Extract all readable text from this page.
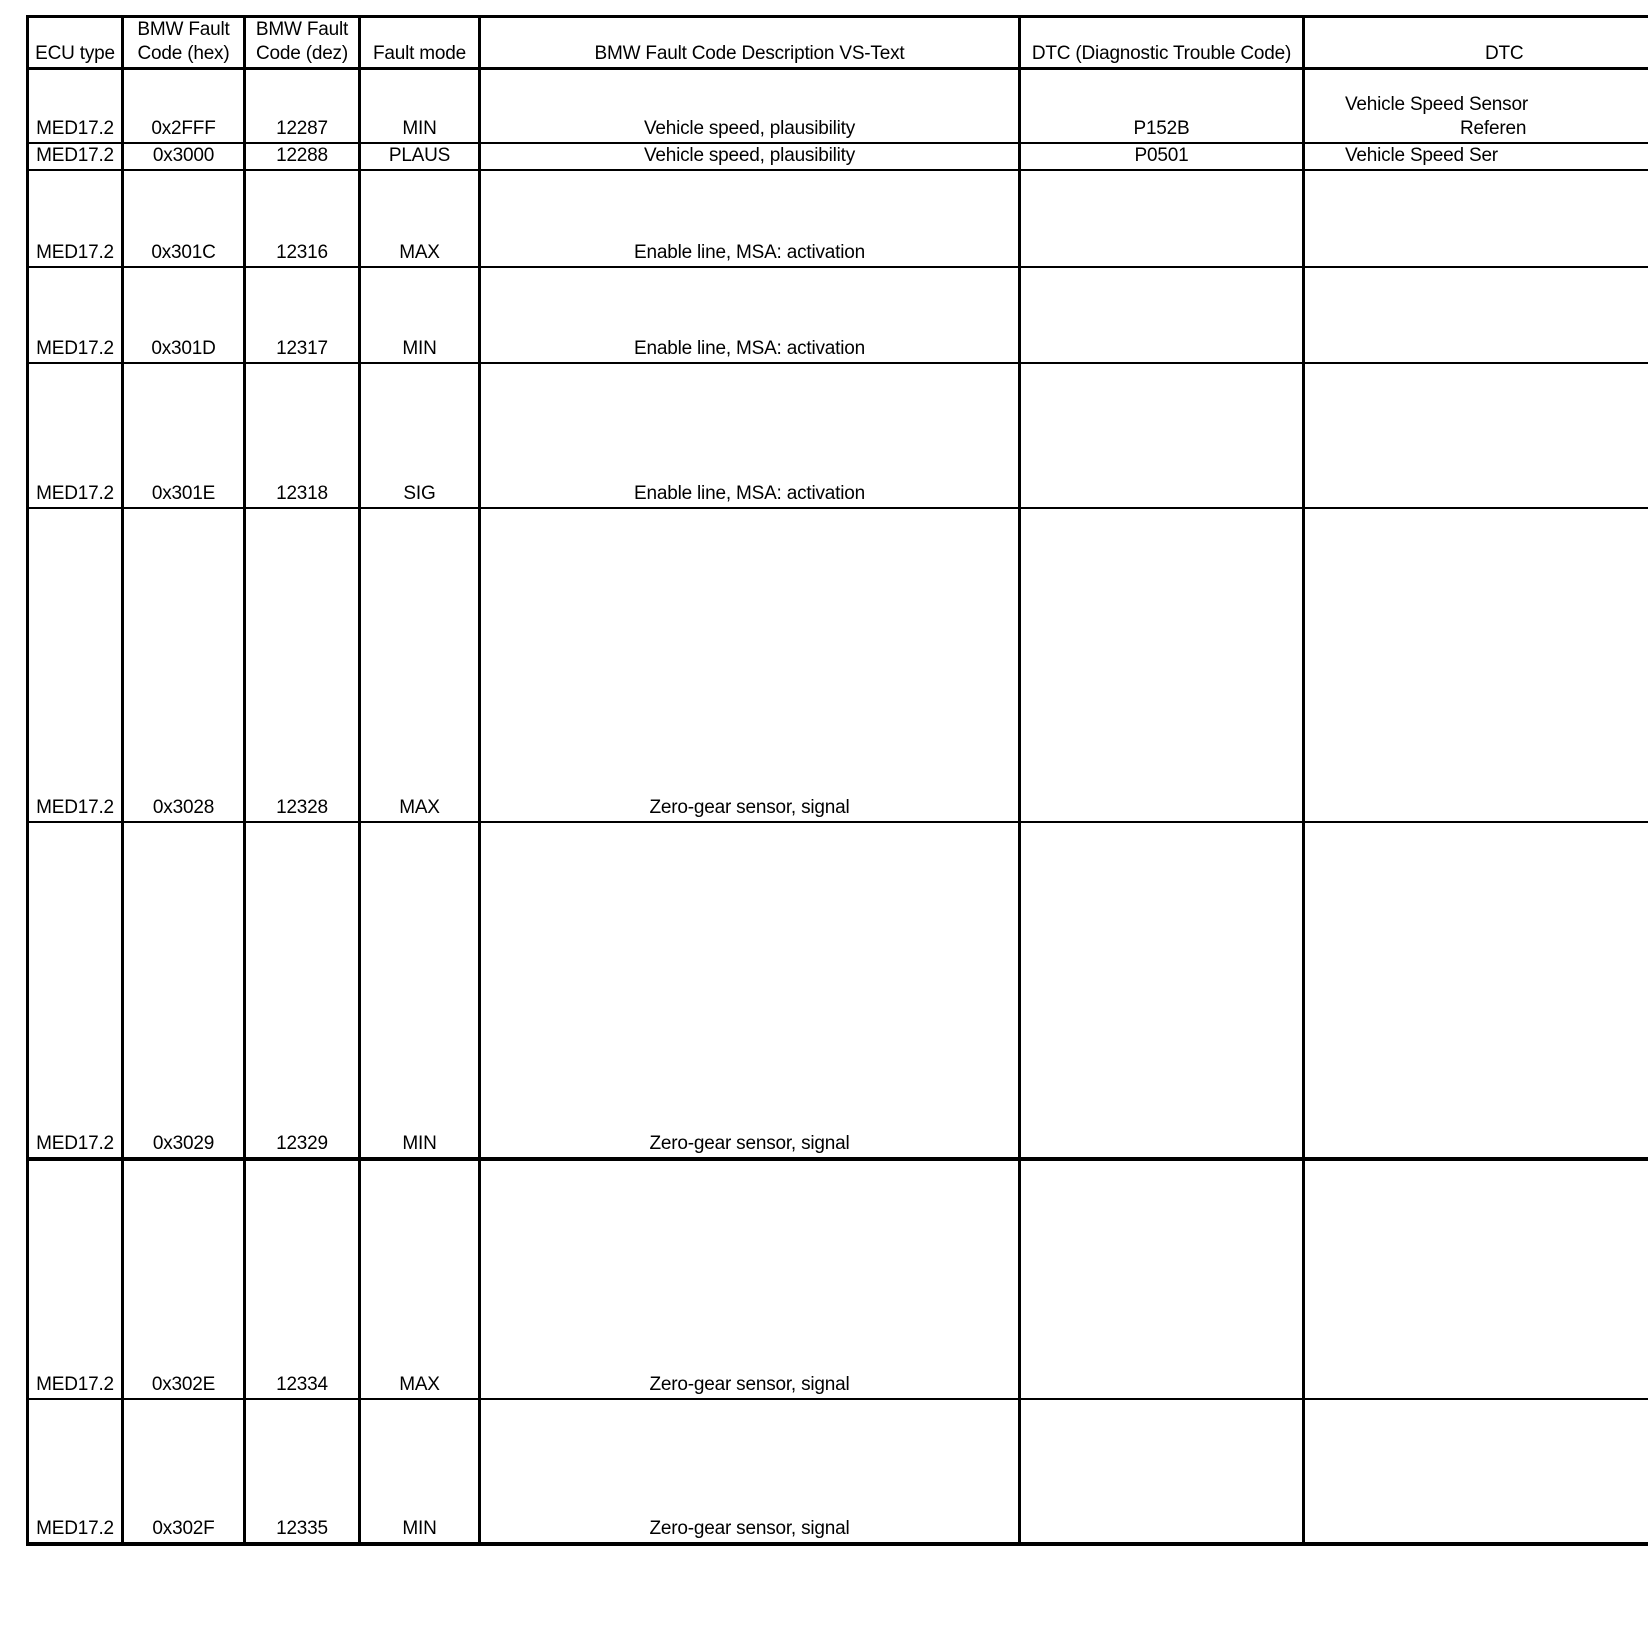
ECU type	BMW Fault Code (hex)	BMW Fault Code (dez)	Fault mode	BMW Fault Code Description VS-Text	DTC (Diagnostic Trouble Code)	DTC
MED17.2	0x2FFF	12287	MIN	Vehicle speed, plausibility	P152B	Vehicle Speed Sensor
Referen

MED17.2	0x3000	12288	PLAUS	Vehicle speed, plausibility	P0501	Vehicle Speed Ser
MED17.2	0x301C	12316	MAX	Enable line, MSA: activation		
MED17.2	0x301D	12317	MIN	Enable line, MSA: activation		
MED17.2	0x301E	12318	SIG	Enable line, MSA: activation		
MED17.2	0x3028	12328	MAX	Zero-gear sensor, signal		
MED17.2	0x3029	12329	MIN	Zero-gear sensor, signal		
MED17.2	0x302E	12334	MAX	Zero-gear sensor, signal		
MED17.2	0x302F	12335	MIN	Zero-gear sensor, signal		
